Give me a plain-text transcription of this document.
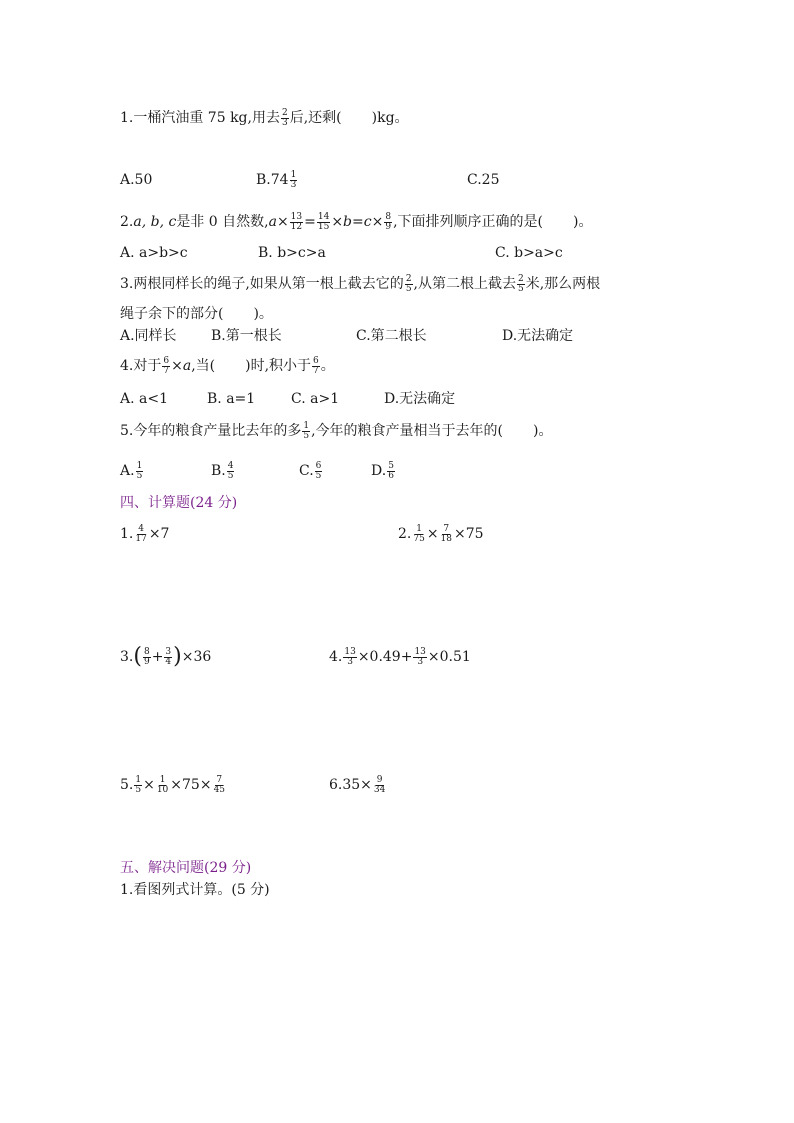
1.一桶汽油重 75 kg,用去 $\frac{2}{3}$ 后,还剩( )kg。
A.50	$B.74 \frac{1}{3}$	C.25
2.a, b, c是非 0 自然数$,a\times \frac{13}{12} = \frac{14}{15} \times b=c\times \frac{8}{9}$ ,下面排列顺序正确的是( )。
A. a>b>c	B. b>c>a	C. b>a>c
3.两根同样长的绳子,如果从第一根上截去它的 $\frac{2}{5}$ ,从第二根上截去 $\frac{2}{5}$ 米,那么两根
绳子余下的部分( )。
A.同样长 B.第一根长	C.第二根长	D.无法确定
4.对于 $\frac{6}{7} \times a$,当( )时,积小于 $\frac{6}{7}$ 。
A. a<1	B. a=1	C. a>1	D.无法确定
5.今年的粮食产量比去年的多 $\frac{1}{5}$ ,今年的粮食产量相当于去年的( )。
A. $\frac{1}{5}$	B. $\frac{4}{5}$	C. $\frac{6}{5}$	D. $\frac{5}{6}$
四、计算题(24 分)
1. $\frac{4}{17} \times 7$	2. $\frac{1}{75} \times \frac{7}{18} \times 75$
$3.( \frac{8}{9} + \frac{3}{4} )\times 36$	4. $\frac{13}{3} \times 0.49+ \frac{13}{3} \times 0.51$
5. $\frac{1}{5} \times \frac{1}{10} \times 75\times \frac{7}{45}$	$6.35\times \frac{9}{34}$
五、解决问题(29 分)
1.看图列式计算。(5 分)
